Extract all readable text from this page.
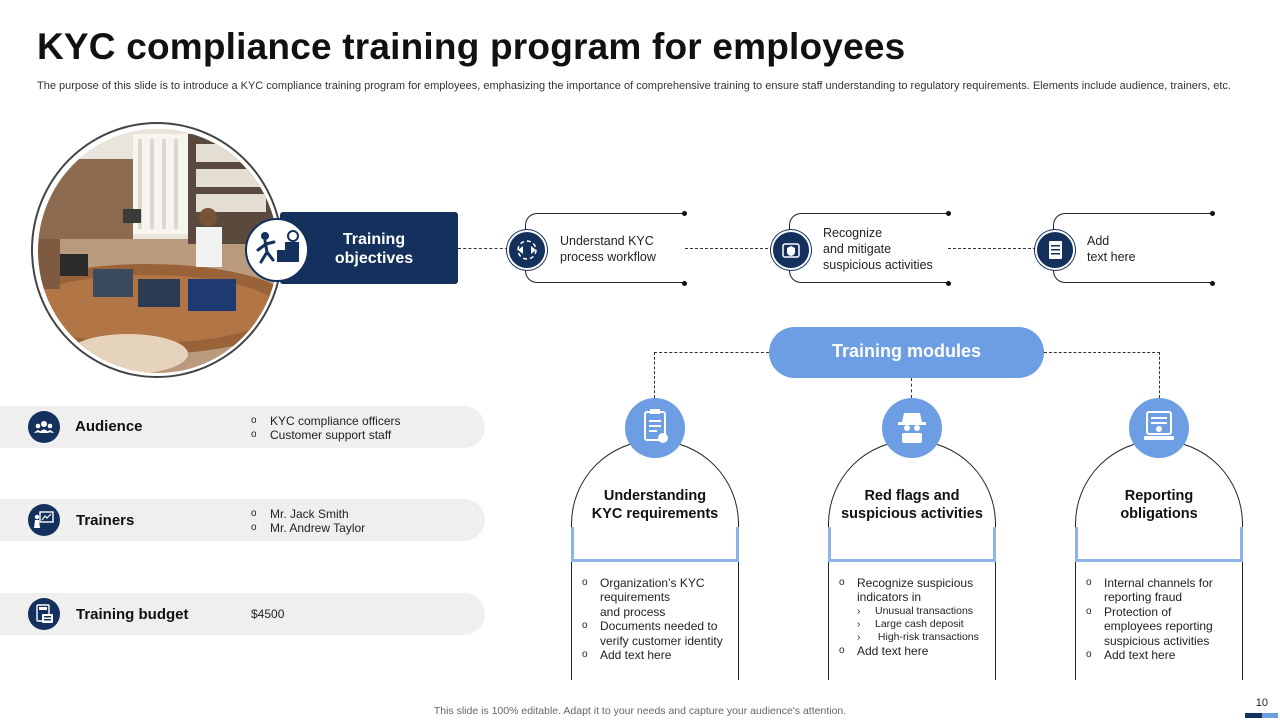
KYC compliance training program for employees
The purpose of this slide is to introduce a KYC compliance training program for employees, emphasizing the importance of comprehensive training to ensure staff understanding to regulatory requirements. Elements include audience, trainers, etc.
Training
objectives
Understand KYC
process workflow
Recognize
and mitigate
suspicious activities
Add
text here
Training modules
Understanding
KYC requirements
o	Organization’s KYC
requirements
and process
o	Documents needed to
verify customer identity
o	Add text here
Red flags and
suspicious activities
o	Recognize suspicious
indicators in
›	Unusual transactions
›	Large cash deposit
›	High-risk transactions
o	Add text here
Reporting
obligations
o	Internal channels for
reporting fraud
o	Protection of
employees reporting
suspicious activities
o	Add text here
Audience	o	KYC compliance officers
o	Customer support staff
Trainers	o	Mr. Jack Smith
o	Mr. Andrew Taylor
Training budget	$4500
This slide is 100% editable. Adapt it to your needs and capture your audience's attention.
10
